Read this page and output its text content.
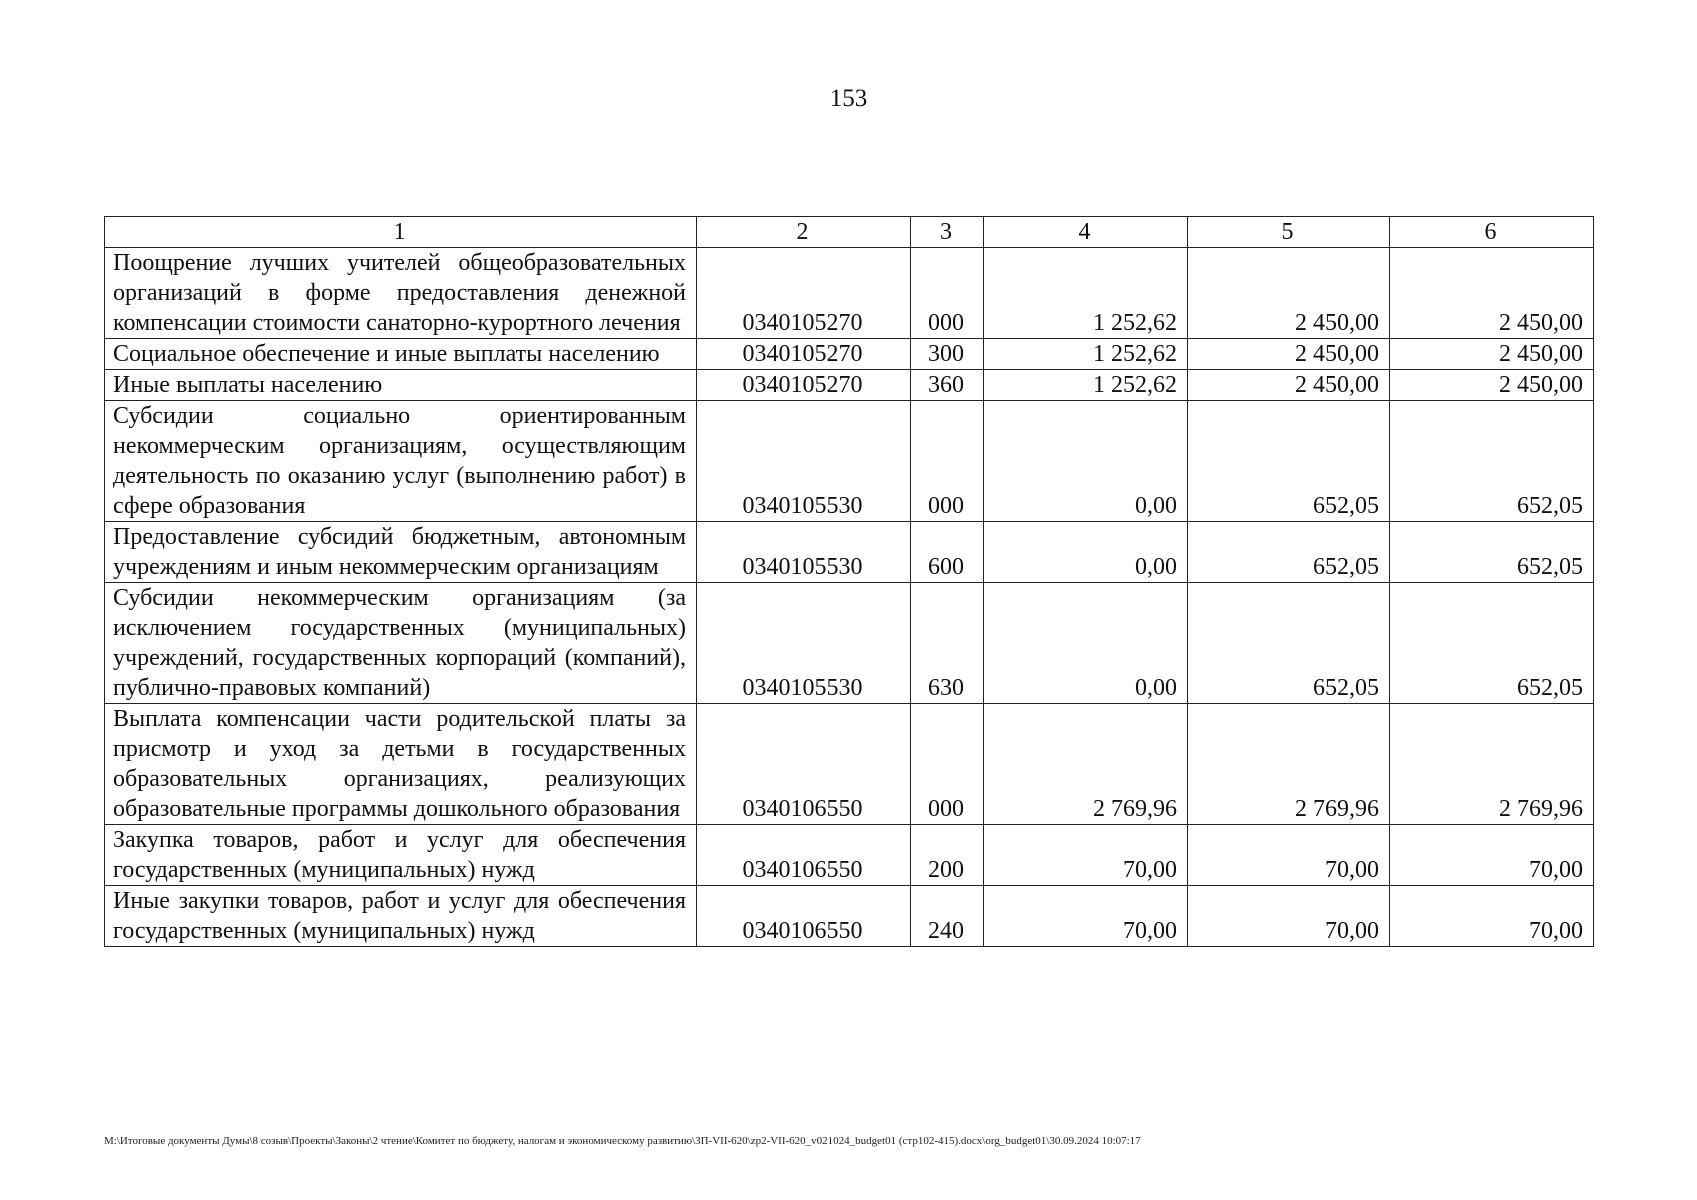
153
1	2	3	4	5	6
Поощрение лучших учителей общеобразовательных организаций в форме предоставления денежной компенсации стоимости санаторно-курортного лечения	0340105270	000	1 252,62	2 450,00	2 450,00
Социальное обеспечение и иные выплаты населению	0340105270	300	1 252,62	2 450,00	2 450,00
Иные выплаты населению	0340105270	360	1 252,62	2 450,00	2 450,00
Субсидии социально ориентированным некоммерческим организациям, осуществляющим деятельность по оказанию услуг (выполнению работ) в сфере образования	0340105530	000	0,00	652,05	652,05
Предоставление субсидий бюджетным, автономным учреждениям и иным некоммерческим организациям	0340105530	600	0,00	652,05	652,05
Субсидии некоммерческим организациям (за исключением государственных (муниципальных) учреждений, государственных корпораций (компаний), публично-правовых компаний)	0340105530	630	0,00	652,05	652,05
Выплата компенсации части родительской платы за присмотр и уход за детьми в государственных образовательных организациях, реализующих образовательные программы дошкольного образования	0340106550	000	2 769,96	2 769,96	2 769,96
Закупка товаров, работ и услуг для обеспечения государственных (муниципальных) нужд	0340106550	200	70,00	70,00	70,00
Иные закупки товаров, работ и услуг для обеспечения государственных (муниципальных) нужд	0340106550	240	70,00	70,00	70,00
M:\Итоговые документы Думы\8 созыв\Проекты\Законы\2 чтение\Комитет по бюджету, налогам и экономическому развитию\ЗП-VII-620\zp2-VII-620_v021024_budget01 (стр102-415).docx\org_budget01\30.09.2024 10:07:17
